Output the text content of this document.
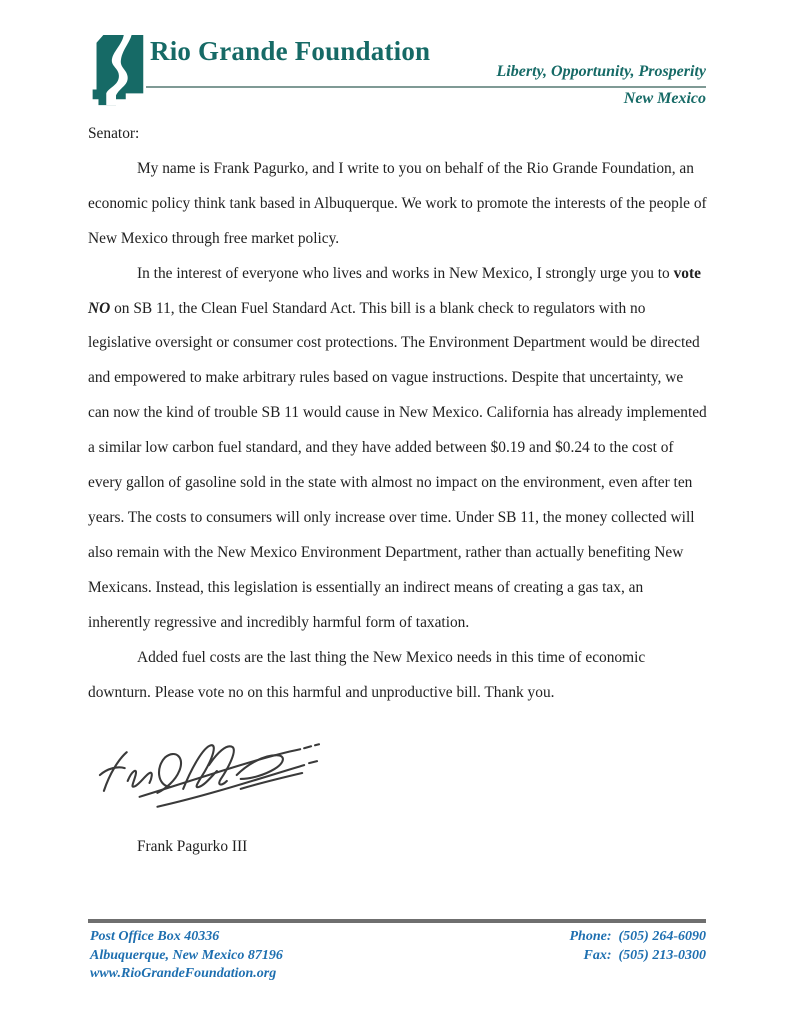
Rio Grande Foundation

Liberty, Opportunity, Prosperity

New Mexico

Senator:

My name is Frank Pagurko, and I write to you on behalf of the Rio Grande Foundation, an economic policy think tank based in Albuquerque. We work to promote the interests of the people of New Mexico through free market policy.

In the interest of everyone who lives and works in New Mexico, I strongly urge you to vote NO on SB 11, the Clean Fuel Standard Act. This bill is a blank check to regulators with no legislative oversight or consumer cost protections. The Environment Department would be directed and empowered to make arbitrary rules based on vague instructions. Despite that uncertainty, we can now the kind of trouble SB 11 would cause in New Mexico. California has already implemented a similar low carbon fuel standard, and they have added between $0.19 and $0.24 to the cost of every gallon of gasoline sold in the state with almost no impact on the environment, even after ten years. The costs to consumers will only increase over time. Under SB 11, the money collected will also remain with the New Mexico Environment Department, rather than actually benefiting New Mexicans. Instead, this legislation is essentially an indirect means of creating a gas tax, an inherently regressive and incredibly harmful form of taxation.

Added fuel costs are the last thing the New Mexico needs in this time of economic downturn. Please vote no on this harmful and unproductive bill. Thank you.

Frank Pagurko III

Post Office Box 40336
Albuquerque, New Mexico 87196
www.RioGrandeFoundation.org
Phone: (505) 264-6090
Fax: (505) 213-0300
